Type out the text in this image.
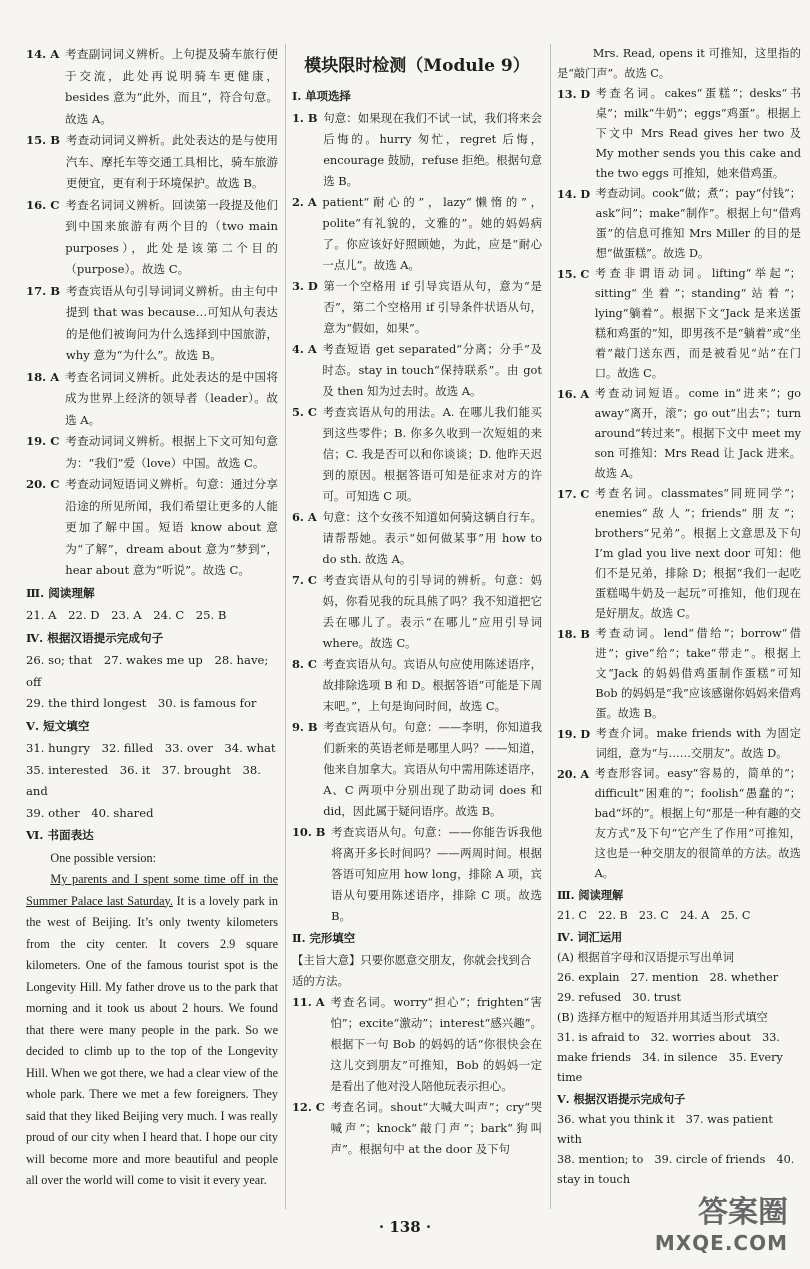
14. A
  考查副词词义辨析。上句提及骑车旅行便于交流，此处再说明骑车更健康，besides 意为“此外，而且”，符合句意。故选 A。
15. B
  考查动词词义辨析。此处表达的是与使用汽车、摩托车等交通工具相比，骑车旅游更便宜，更有利于环境保护。故选 B。
16. C
  考查名词词义辨析。回读第一段提及他们到中国来旅游有两个目的（two main purposes），此处是该第二个目的（purpose）。故选 C。
17. B
  考查宾语从句引导词词义辨析。由主句中提到 that was because…可知从句表达的是他们被询问为什么选择到中国旅游，why 意为“为什么”。故选 B。
18. A
  考查名词词义辨析。此处表达的是中国将成为世界上经济的领导者（leader）。故选 A。
19. C
  考查动词词义辨析。根据上下文可知句意为：“我们”爱（love）中国。故选 C。
20. C
  考查动词短语词义辨析。句意：通过分享沿途的所见所闻，我们希望让更多的人能更加了解中国。短语 know about 意为“了解”，dream about 意为“梦到”，hear about 意为“听说”。故选 C。
Ⅲ. 阅读理解
21. A　22. D　23. A　24. C　25. B
Ⅳ. 根据汉语提示完成句子
26. so; that　27. wakes me up　28. have; off
29. the third longest　30. is famous for
Ⅴ. 短文填空
31. hungry　32. filled　33. over　34. what
35. interested　36. it　37. brought　38. and
39. other　40. shared
Ⅵ. 书面表达
One possible version:

My parents and I spent some time off in the Summer Palace last Saturday. It is a lovely park in the west of Beijing. It’s only twenty kilometers from the city center. It covers 2.9 square kilometers. One of the famous tourist spot is the Longevity Hill. My father drove us to the park that morning and it took us about 2 hours. We found that there were many people in the park. So we decided to climb up to the top of the Longevity Hill. When we got there, we had a clear view of the whole park. There we met a few foreigners. They said that they liked Beijing very much. I was really proud of our city when I heard that. I hope our city will become more and more beautiful and people all over the world will come to visit it every year.

模块限时检测（Module 9）
Ⅰ. 单项选择
1. B
  句意：如果现在我们不试一试，我们将来会后悔的。hurry 匆忙，regret 后悔，encourage 鼓励，refuse 拒绝。根据句意选 B。
2. A
  patient“耐心的”，lazy“懒惰的”，polite“有礼貌的，文雅的”。她的妈妈病了。你应该好好照顾她，为此，应是“耐心一点儿”。故选 A。
3. D
  第一个空格用 if 引导宾语从句，意为“是否”，第二个空格用 if 引导条件状语从句，意为“假如，如果”。
4. A
  考查短语 get separated“分离；分手”及时态。stay in touch“保持联系”。由 got 及 then 知为过去时。故选 A。
5. C
  考查宾语从句的用法。A. 在哪儿我们能买到这些零件；B. 你多久收到一次短姐的来信；C. 我是否可以和你谈谈；D. 他昨天迟到的原因。根据答语可知是征求对方的许可。可知选 C 项。
6. A
  句意：这个女孩不知道如何骑这辆自行车。请帮帮她。表示“如何做某事”用 how to do sth. 故选 A。
7. C
  考查宾语从句的引导词的辨析。句意：妈妈，你看见我的玩具熊了吗？我不知道把它丢在哪儿了。表示“在哪儿”应用引导词 where。故选 C。
8. C
  考查宾语从句。宾语从句应使用陈述语序，故排除选项 B 和 D。根据答语“可能是下周末吧。”，上句是询问时间，故选 C。
9. B
  考查宾语从句。句意：——李明，你知道我们新来的英语老师是哪里人吗？——知道，他来自加拿大。宾语从句中需用陈述语序，A、C 两项中分别出现了助动词 does 和 did，因此属于疑问语序。故选 B。
10. B
  考查宾语从句。句意：——你能告诉我他将离开多长时间吗？——两周时间。根据答语可知应用 how long，排除 A 项，宾语从句要用陈述语序，排除 C 项。故选 B。
Ⅱ. 完形填空
【主旨大意】只要你愿意交朋友，你就会找到合适的方法。
11. A
  考查名词。worry“担心”；frighten“害怕”；excite“激动”；interest“感兴趣”。根据下一句 Bob 的妈妈的话“你很快会在这儿交到朋友”可推知，Bob 的妈妈一定是看出了他对没人陪他玩表示担心。
12. C
  考查名词。shout“大喊大叫声”；cry“哭喊声”；knock“敲门声”；bark“狗叫声”。根据句中 at the door 及下句
Mrs. Read, opens it 可推知，这里指的是“敲门声”。故选 C。
13. D
  考查名词。cakes“蛋糕”；desks“书桌”；milk“牛奶”；eggs“鸡蛋”。根据上下文中 Mrs Read gives her two 及 My mother sends you this cake and the two eggs 可推知，她来借鸡蛋。
14. D
  考查动词。cook“做；煮”；pay“付钱”；ask“问”；make“制作”。根据上句“借鸡蛋”的信息可推知 Mrs Miller 的目的是想“做蛋糕”。故选 D。
15. C
  考查非谓语动词。lifting“举起”；sitting“坐着”；standing“站着”；lying“躺着”。根据下文“Jack 是来送蛋糕和鸡蛋的”知，即男孩不是“躺着”或“坐着”敲门送东西，而是被看见“站”在门口。故选 C。
16. A
  考查动词短语。come in“进来”；go away“离开，滚”；go out“出去”；turn around“转过来”。根据下文中 meet my son 可推知：Mrs Read 让 Jack 进来。故选 A。
17. C
  考查名词。classmates“同班同学”；enemies“敌人”；friends“朋友”；brothers“兄弟”。根据上文意思及下句 I’m glad you live next door 可知：他们不是兄弟，排除 D；根据“我们一起吃蛋糕喝牛奶及一起玩”可推知，他们现在是好朋友。故选 C。
18. B
  考查动词。lend“借给”；borrow“借进”；give“给”；take“带走”。根据上文“Jack 的妈妈借鸡蛋制作蛋糕”可知 Bob 的妈妈是“我”应该感谢你妈妈来借鸡蛋。故选 B。
19. D
  考查介词。make friends with 为固定词组，意为“与……交朋友”。故选 D。
20. A
  考查形容词。easy“容易的，简单的”；difficult“困难的”；foolish“愚蠢的”；bad“坏的”。根据上句“那是一种有趣的交友方式”及下句“它产生了作用”可推知，这也是一种交朋友的很简单的方法。故选 A。
Ⅲ. 阅读理解
21. C　22. B　23. C　24. A　25. C
Ⅳ. 词汇运用
(A) 根据首字母和汉语提示写出单词
26. explain　27. mention　28. whether
29. refused　30. trust
(B) 选择方框中的短语并用其适当形式填空
31. is afraid to　32. worries about　33. make friends　34. in silence　35. Every time
Ⅴ. 根据汉语提示完成句子
36. what you think it　37. was patient with
38. mention; to　39. circle of friends　40. stay in touch
· 138 ·	答案圈
MXQE.COM
